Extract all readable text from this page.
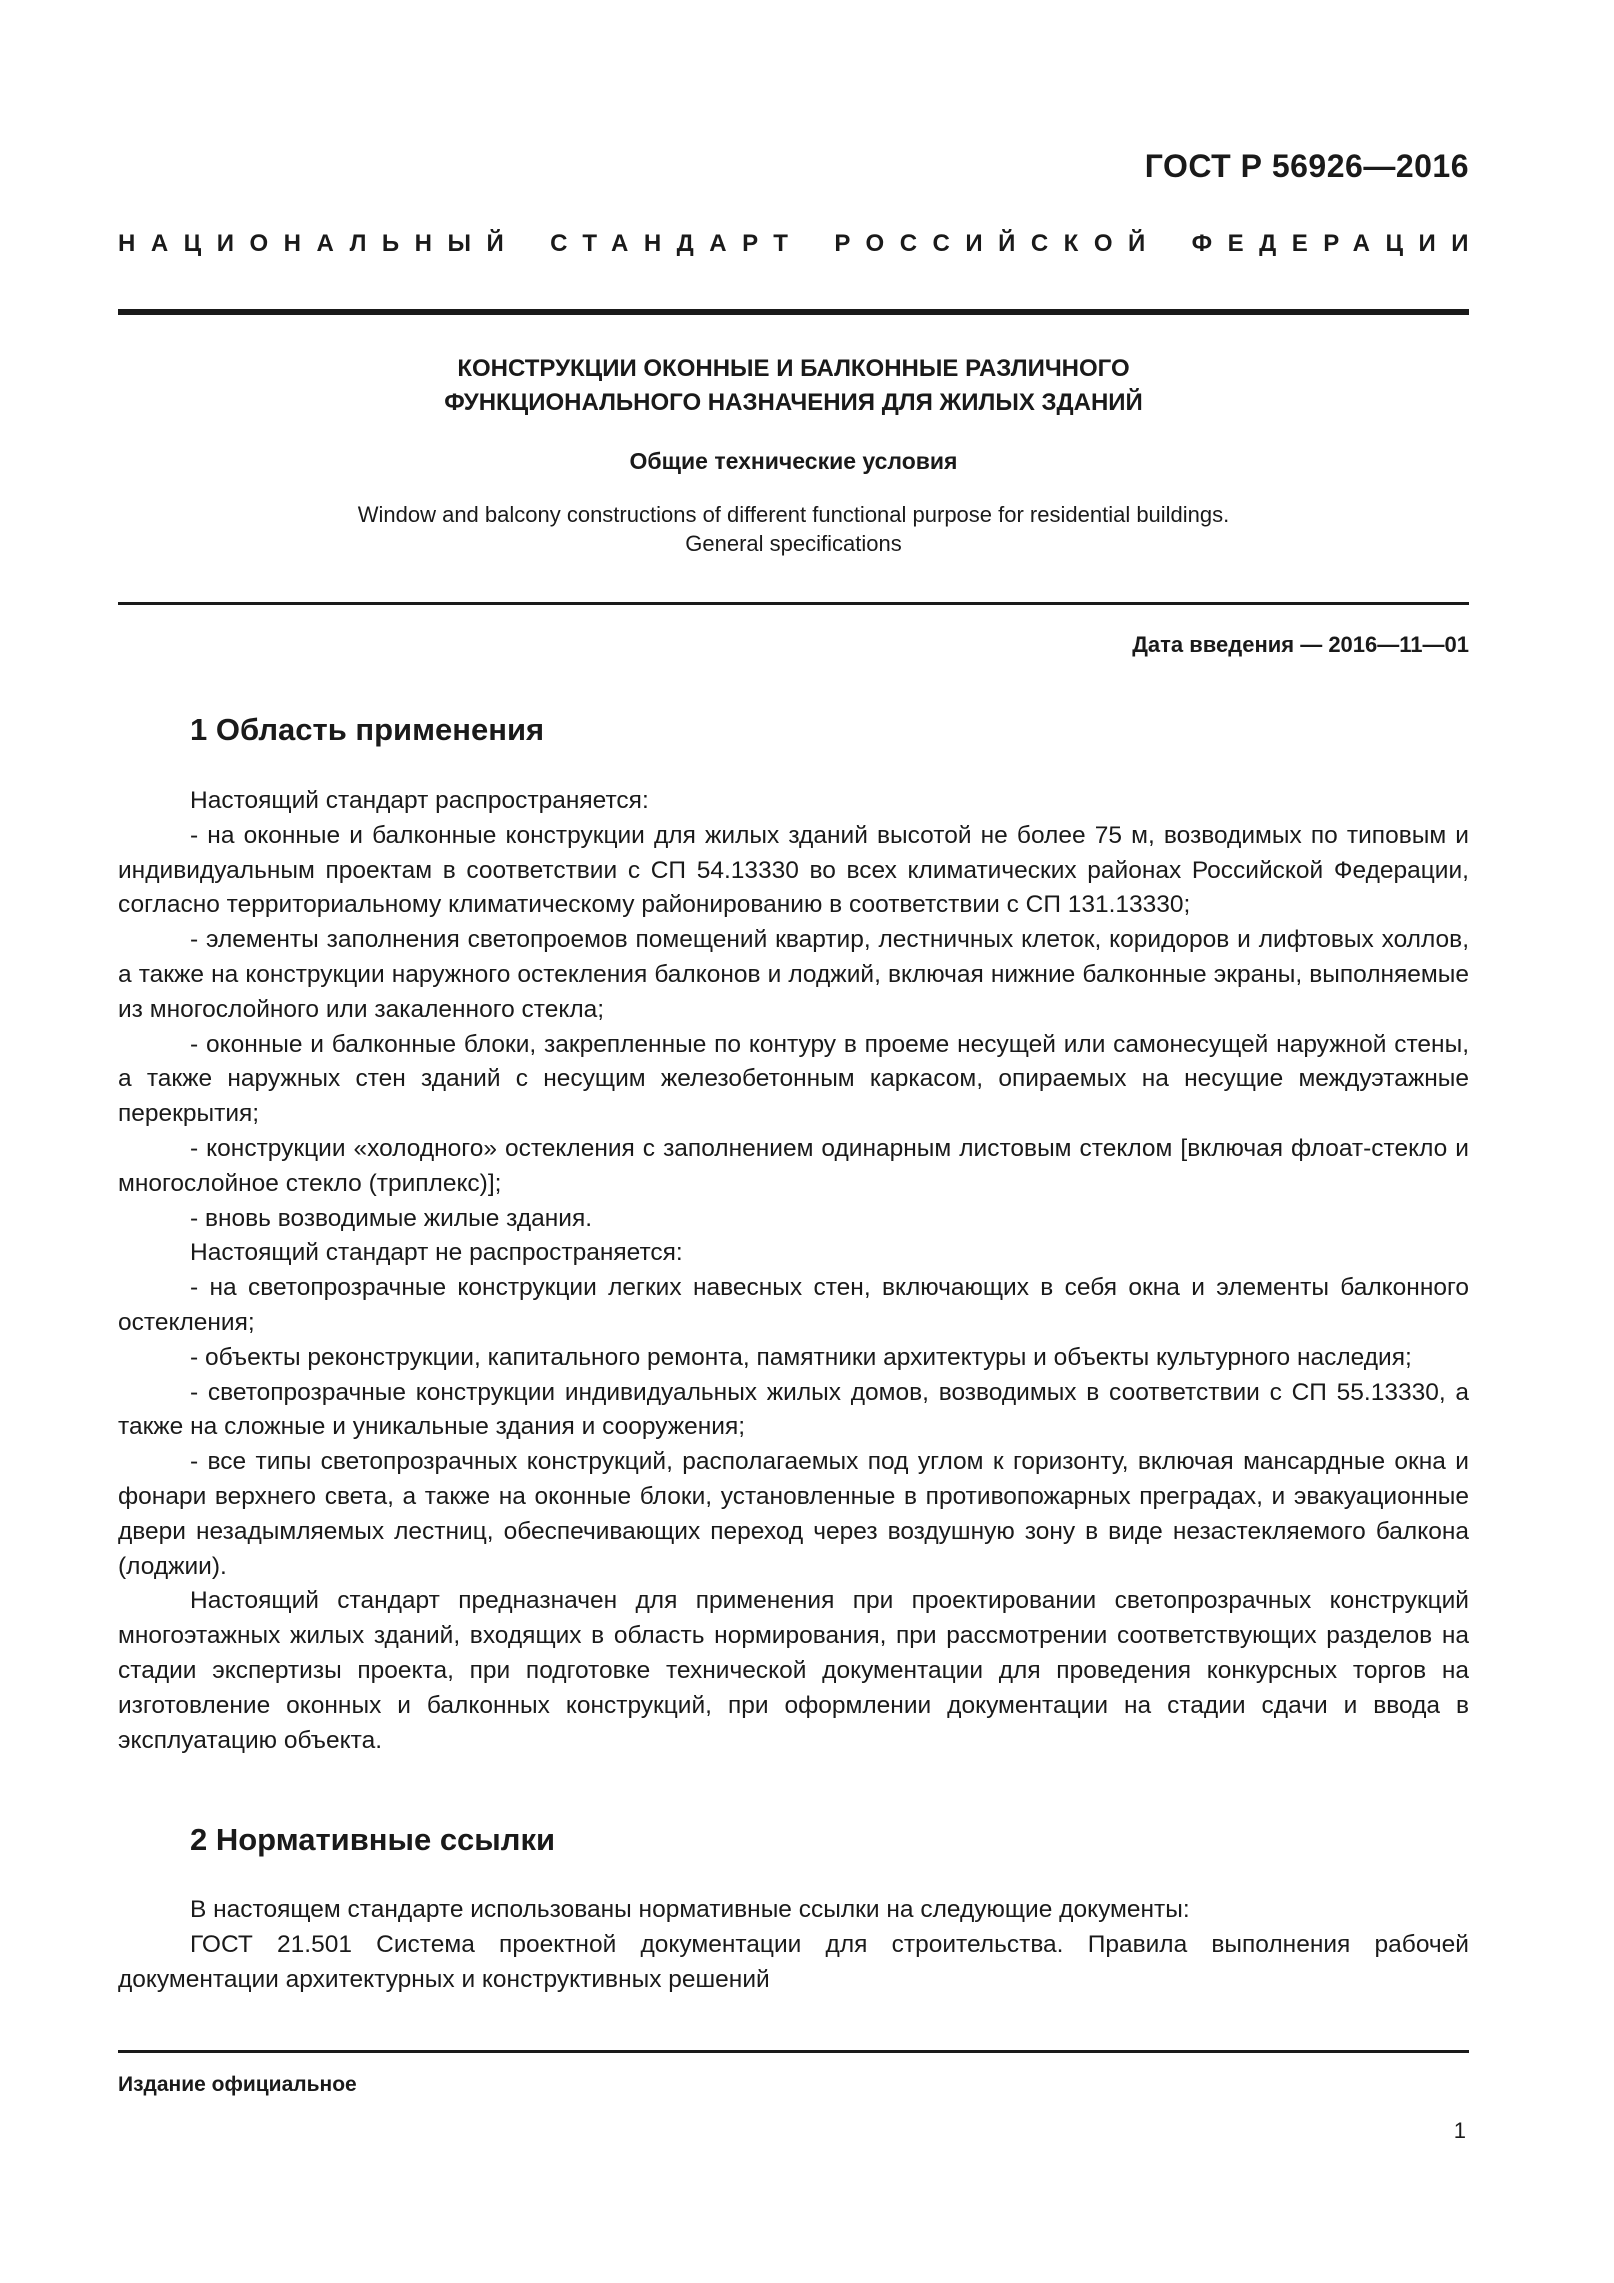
ГОСТ Р 56926—2016
НАЦИОНАЛЬНЫЙ СТАНДАРТ РОССИЙСКОЙ ФЕДЕРАЦИИ
КОНСТРУКЦИИ ОКОННЫЕ И БАЛКОННЫЕ РАЗЛИЧНОГО
ФУНКЦИОНАЛЬНОГО НАЗНАЧЕНИЯ ДЛЯ ЖИЛЫХ ЗДАНИЙ
Общие технические условия
Window and balcony constructions of different functional purpose for residential buildings.
General specifications
Дата введения — 2016—11—01
1 Область применения

Настоящий стандарт распространяется:

- на оконные и балконные конструкции для жилых зданий высотой не более 75 м, возводимых по типовым и индивидуальным проектам в соответствии с СП 54.13330 во всех климатических районах Российской Федерации, согласно территориальному климатическому районированию в соответствии с СП 131.13330;

- элементы заполнения светопроемов помещений квартир, лестничных клеток, коридоров и лифтовых холлов, а также на конструкции наружного остекления балконов и лоджий, включая нижние балконные экраны, выполняемые из многослойного или закаленного стекла;

- оконные и балконные блоки, закрепленные по контуру в проеме несущей или самонесущей наружной стены, а также наружных стен зданий с несущим железобетонным каркасом, опираемых на несущие междуэтажные перекрытия;

- конструкции «холодного» остекления с заполнением одинарным листовым стеклом [включая флоат-стекло и многослойное стекло (триплекс)];

- вновь возводимые жилые здания.

Настоящий стандарт не распространяется:

- на светопрозрачные конструкции легких навесных стен, включающих в себя окна и элементы балконного остекления;

- объекты реконструкции, капитального ремонта, памятники архитектуры и объекты культурного наследия;

- светопрозрачные конструкции индивидуальных жилых домов, возводимых в соответствии с СП 55.13330, а также на сложные и уникальные здания и сооружения;

- все типы светопрозрачных конструкций, располагаемых под углом к горизонту, включая мансардные окна и фонари верхнего света, а также на оконные блоки, установленные в противопожарных преградах, и эвакуационные двери незадымляемых лестниц, обеспечивающих переход через воздушную зону в виде незастекляемого балкона (лоджии).

Настоящий стандарт предназначен для применения при проектировании светопрозрачных конструкций многоэтажных жилых зданий, входящих в область нормирования, при рассмотрении соответствующих разделов на стадии экспертизы проекта, при подготовке технической документации для проведения конкурсных торгов на изготовление оконных и балконных конструкций, при оформлении документации на стадии сдачи и ввода в эксплуатацию объекта.

2 Нормативные ссылки

В настоящем стандарте использованы нормативные ссылки на следующие документы:

ГОСТ 21.501 Система проектной документации для строительства. Правила выполнения рабочей документации архитектурных и конструктивных решений

Издание официальное
1
